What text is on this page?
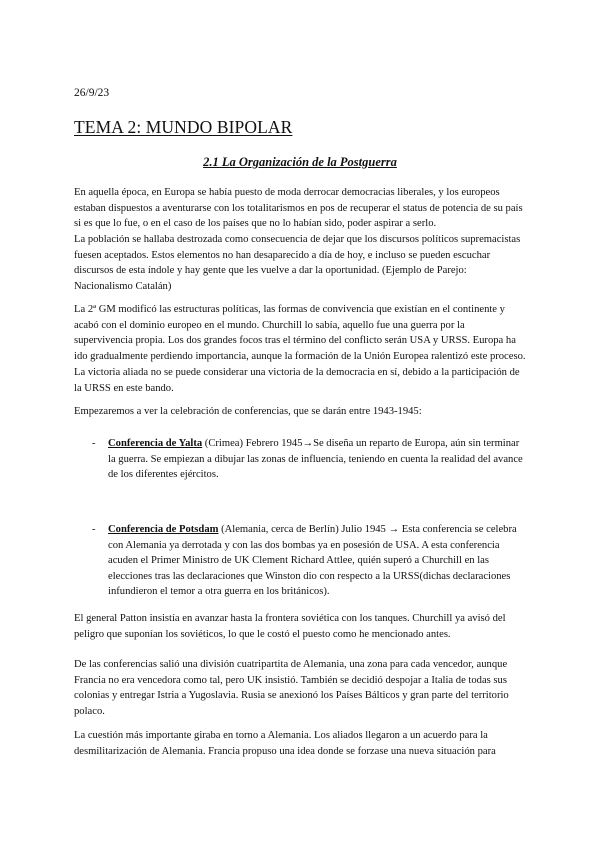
26/9/23
TEMA 2: MUNDO BIPOLAR
2.1 La Organización de la Postguerra

En aquella época, en Europa se había puesto de moda derrocar democracias liberales, y los europeos estaban dispuestos a aventurarse con los totalitarismos en pos de recuperar el status de potencia de su país si es que lo fue, o en el caso de los países que no lo habían sido, poder aspirar a serlo.

La población se hallaba destrozada como consecuencia de dejar que los discursos políticos supremacistas fuesen aceptados. Estos elementos no han desaparecido a día de hoy, e incluso se pueden escuchar discursos de esta índole y hay gente que les vuelve a dar la oportunidad. (Ejemplo de Parejo: Nacionalismo Catalán)

La 2ª GM modificó las estructuras políticas, las formas de convivencia que existían en el continente y acabó con el dominio europeo en el mundo. Churchill lo sabía, aquello fue una guerra por la supervivencia propia. Los dos grandes focos tras el término del conflicto serán USA y URSS. Europa ha ido gradualmente perdiendo importancia, aunque la formación de la Unión Europea ralentizó este proceso.

La victoria aliada no se puede considerar una victoria de la democracia en sí, debido a la participación de la URSS en este bando.

Empezaremos a ver la celebración de conferencias, que se darán entre 1943-1945:

- Conferencia de Yalta (Crimea) Febrero 1945→Se diseña un reparto de Europa, aún sin terminar la guerra. Se empiezan a dibujar las zonas de influencia, teniendo en cuenta la realidad del avance de los diferentes ejércitos.
- Conferencia de Potsdam (Alemania, cerca de Berlín) Julio 1945 → Esta conferencia se celebra con Alemania ya derrotada y con las dos bombas ya en posesión de USA. A esta conferencia acuden el Primer Ministro de UK Clement Richard Attlee, quién superó a Churchill en las elecciones tras las declaraciones que Winston dio con respecto a la URSS(dichas declaraciones infundieron el temor a otra guerra en los británicos).

El general Patton insistía en avanzar hasta la frontera soviética con los tanques. Churchill ya avisó del peligro que suponían los soviéticos, lo que le costó el puesto como he mencionado antes.

De las conferencias salió una división cuatripartita de Alemania, una zona para cada vencedor, aunque Francia no era vencedora como tal, pero UK insistió. También se decidió despojar a Italia de todas sus colonias y entregar Istria a Yugoslavia. Rusia se anexionó los Países Bálticos y gran parte del territorio polaco.

La cuestión más importante giraba en torno a Alemania. Los aliados llegaron a un acuerdo para la desmilitarización de Alemania. Francia propuso una idea donde se forzase una nueva situación para
